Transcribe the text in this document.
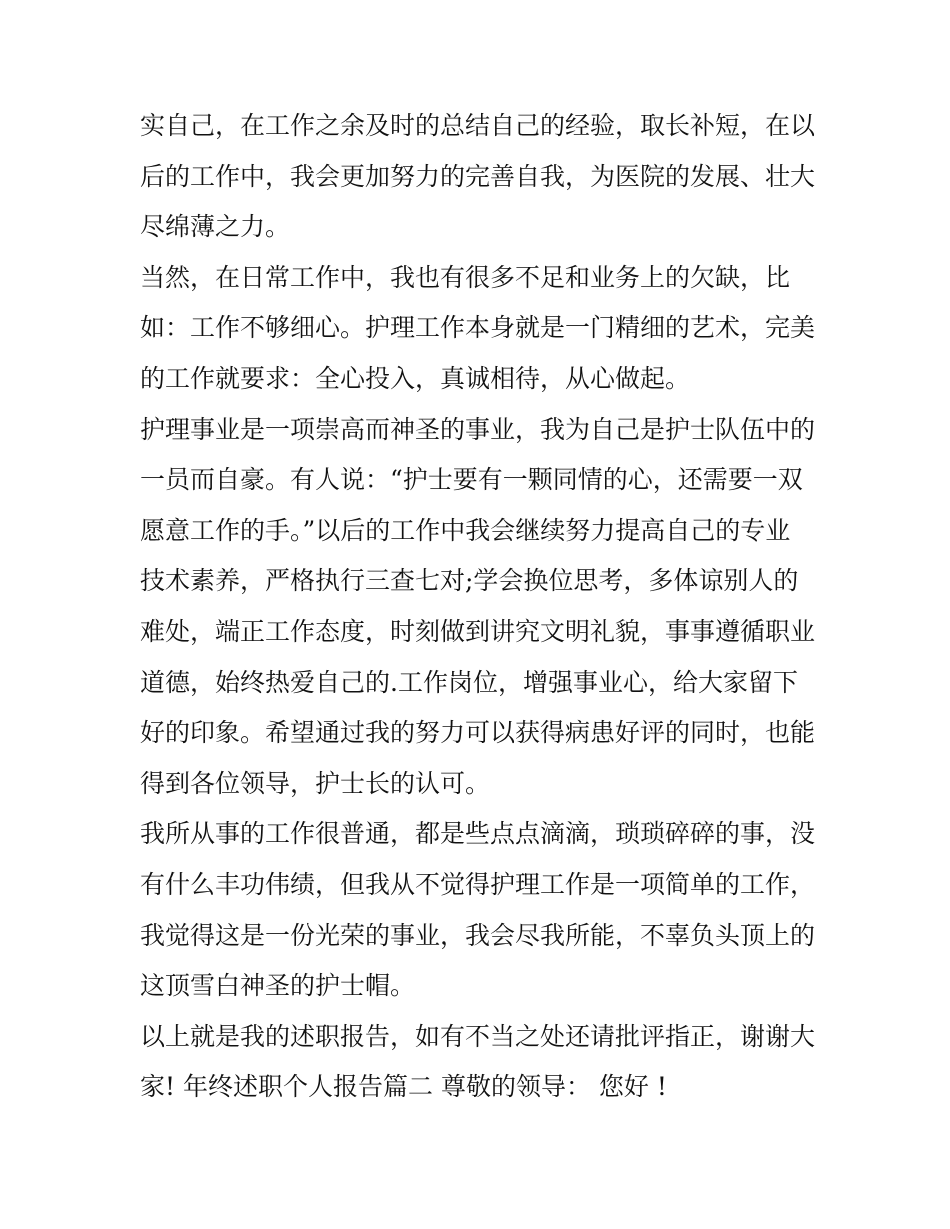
实自己，在工作之余及时的总结自己的经验，取长补短，在以
后的工作中，我会更加努力的完善自我，为医院的发展、壮大
尽绵薄之力。
当然，在日常工作中，我也有很多不足和业务上的欠缺，比
如：工作不够细心。护理工作本身就是一门精细的艺术，完美
的工作就要求：全心投入，真诚相待，从心做起。
护理事业是一项崇高而神圣的事业，我为自己是护士队伍中的
一员而自豪。有人说：“护士要有一颗同情的心，还需要一双
愿意工作的手。”以后的工作中我会继续努力提高自己的专业
技术素养，严格执行三查七对;学会换位思考，多体谅别人的
难处，端正工作态度，时刻做到讲究文明礼貌，事事遵循职业
道德，始终热爱自己的.工作岗位，增强事业心，给大家留下
好的印象。希望通过我的努力可以获得病患好评的同时，也能
得到各位领导，护士长的认可。
我所从事的工作很普通，都是些点点滴滴，琐琐碎碎的事，没
有什么丰功伟绩，但我从不觉得护理工作是一项简单的工作，
我觉得这是一份光荣的事业，我会尽我所能，不辜负头顶上的
这顶雪白神圣的护士帽。
以上就是我的述职报告，如有不当之处还请批评指正，谢谢大
家! 年终述职个人报告篇二 尊敬的领导： 您好 !
